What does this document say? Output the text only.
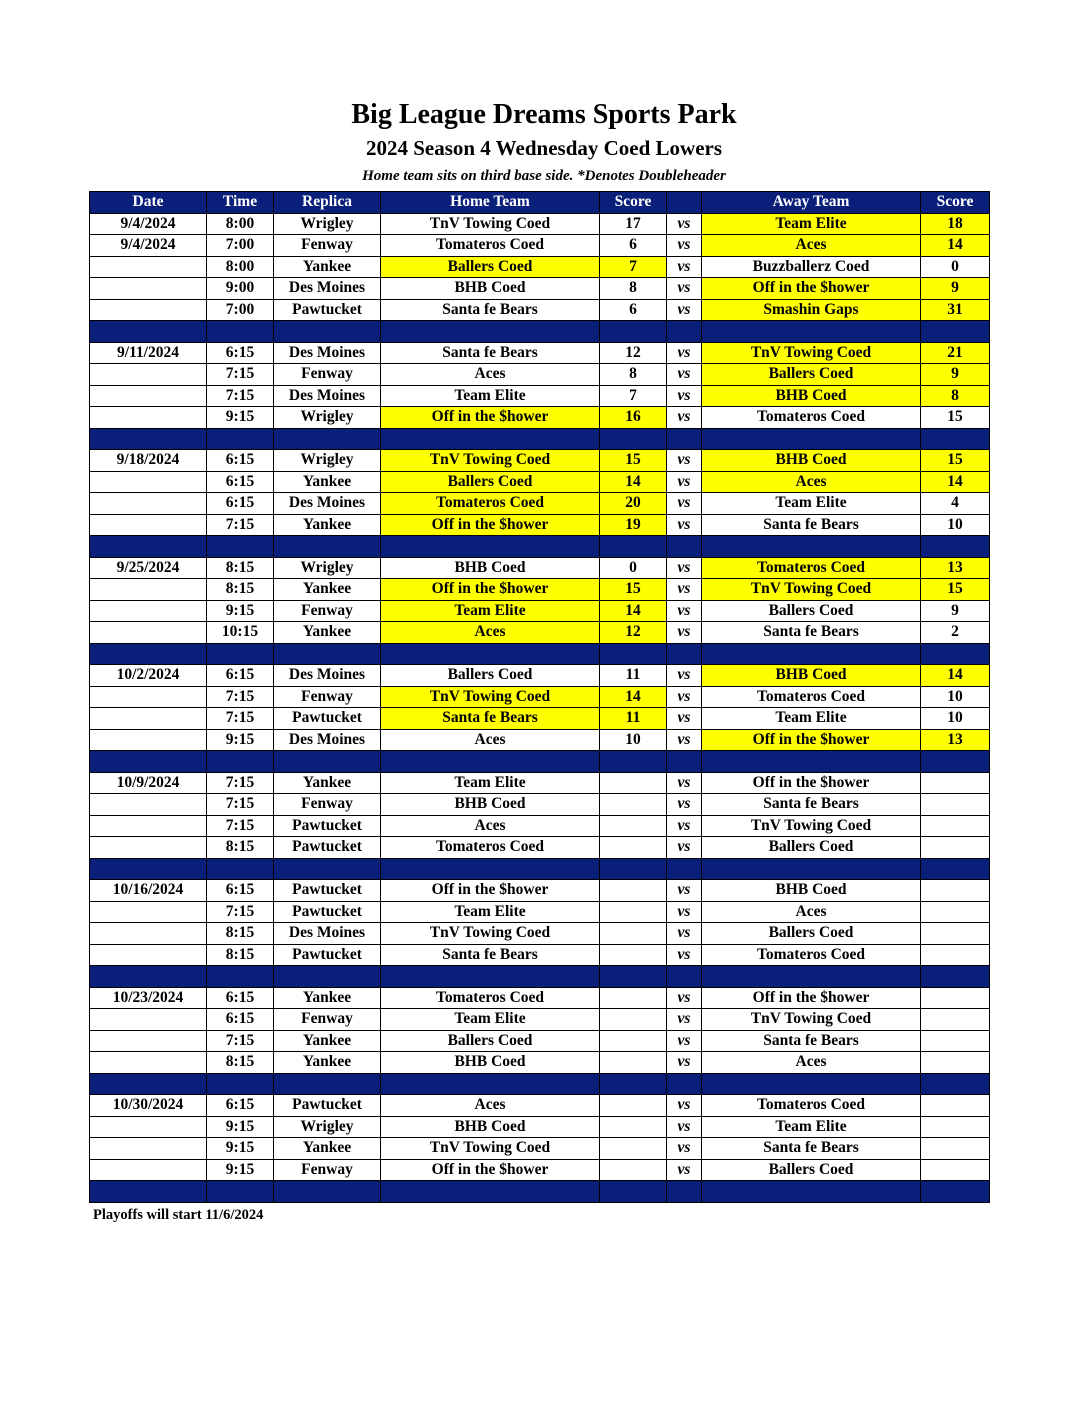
Big League Dreams Sports Park
2024 Season 4 Wednesday Coed Lowers
Home team sits on third base side. *Denotes Doubleheader
Date	Time	Replica	Home Team	Score		Away Team	Score
9/4/2024	8:00	Wrigley	TnV Towing Coed	17	vs	Team Elite	18
9/4/2024	7:00	Fenway	Tomateros Coed	6	vs	Aces	14
	8:00	Yankee	Ballers Coed	7	vs	Buzzballerz Coed	0
	9:00	Des Moines	BHB Coed	8	vs	Off in the $hower	9
	7:00	Pawtucket	Santa fe Bears	6	vs	Smashin Gaps	31

9/11/2024	6:15	Des Moines	Santa fe Bears	12	vs	TnV Towing Coed	21
	7:15	Fenway	Aces	8	vs	Ballers Coed	9
	7:15	Des Moines	Team Elite	7	vs	BHB Coed	8
	9:15	Wrigley	Off in the $hower	16	vs	Tomateros Coed	15

9/18/2024	6:15	Wrigley	TnV Towing Coed	15	vs	BHB Coed	15
	6:15	Yankee	Ballers Coed	14	vs	Aces	14
	6:15	Des Moines	Tomateros Coed	20	vs	Team Elite	4
	7:15	Yankee	Off in the $hower	19	vs	Santa fe Bears	10

9/25/2024	8:15	Wrigley	BHB Coed	0	vs	Tomateros Coed	13
	8:15	Yankee	Off in the $hower	15	vs	TnV Towing Coed	15
	9:15	Fenway	Team Elite	14	vs	Ballers Coed	9
	10:15	Yankee	Aces	12	vs	Santa fe Bears	2

10/2/2024	6:15	Des Moines	Ballers Coed	11	vs	BHB Coed	14
	7:15	Fenway	TnV Towing Coed	14	vs	Tomateros Coed	10
	7:15	Pawtucket	Santa fe Bears	11	vs	Team Elite	10
	9:15	Des Moines	Aces	10	vs	Off in the $hower	13

10/9/2024	7:15	Yankee	Team Elite		vs	Off in the $hower	
	7:15	Fenway	BHB Coed		vs	Santa fe Bears	
	7:15	Pawtucket	Aces		vs	TnV Towing Coed	
	8:15	Pawtucket	Tomateros Coed		vs	Ballers Coed	

10/16/2024	6:15	Pawtucket	Off in the $hower		vs	BHB Coed	
	7:15	Pawtucket	Team Elite		vs	Aces	
	8:15	Des Moines	TnV Towing Coed		vs	Ballers Coed	
	8:15	Pawtucket	Santa fe Bears		vs	Tomateros Coed	

10/23/2024	6:15	Yankee	Tomateros Coed		vs	Off in the $hower	
	6:15	Fenway	Team Elite		vs	TnV Towing Coed	
	7:15	Yankee	Ballers Coed		vs	Santa fe Bears	
	8:15	Yankee	BHB Coed		vs	Aces	

10/30/2024	6:15	Pawtucket	Aces		vs	Tomateros Coed	
	9:15	Wrigley	BHB Coed		vs	Team Elite	
	9:15	Yankee	TnV Towing Coed		vs	Santa fe Bears	
	9:15	Fenway	Off in the $hower		vs	Ballers Coed	

Playoffs will start 11/6/2024
